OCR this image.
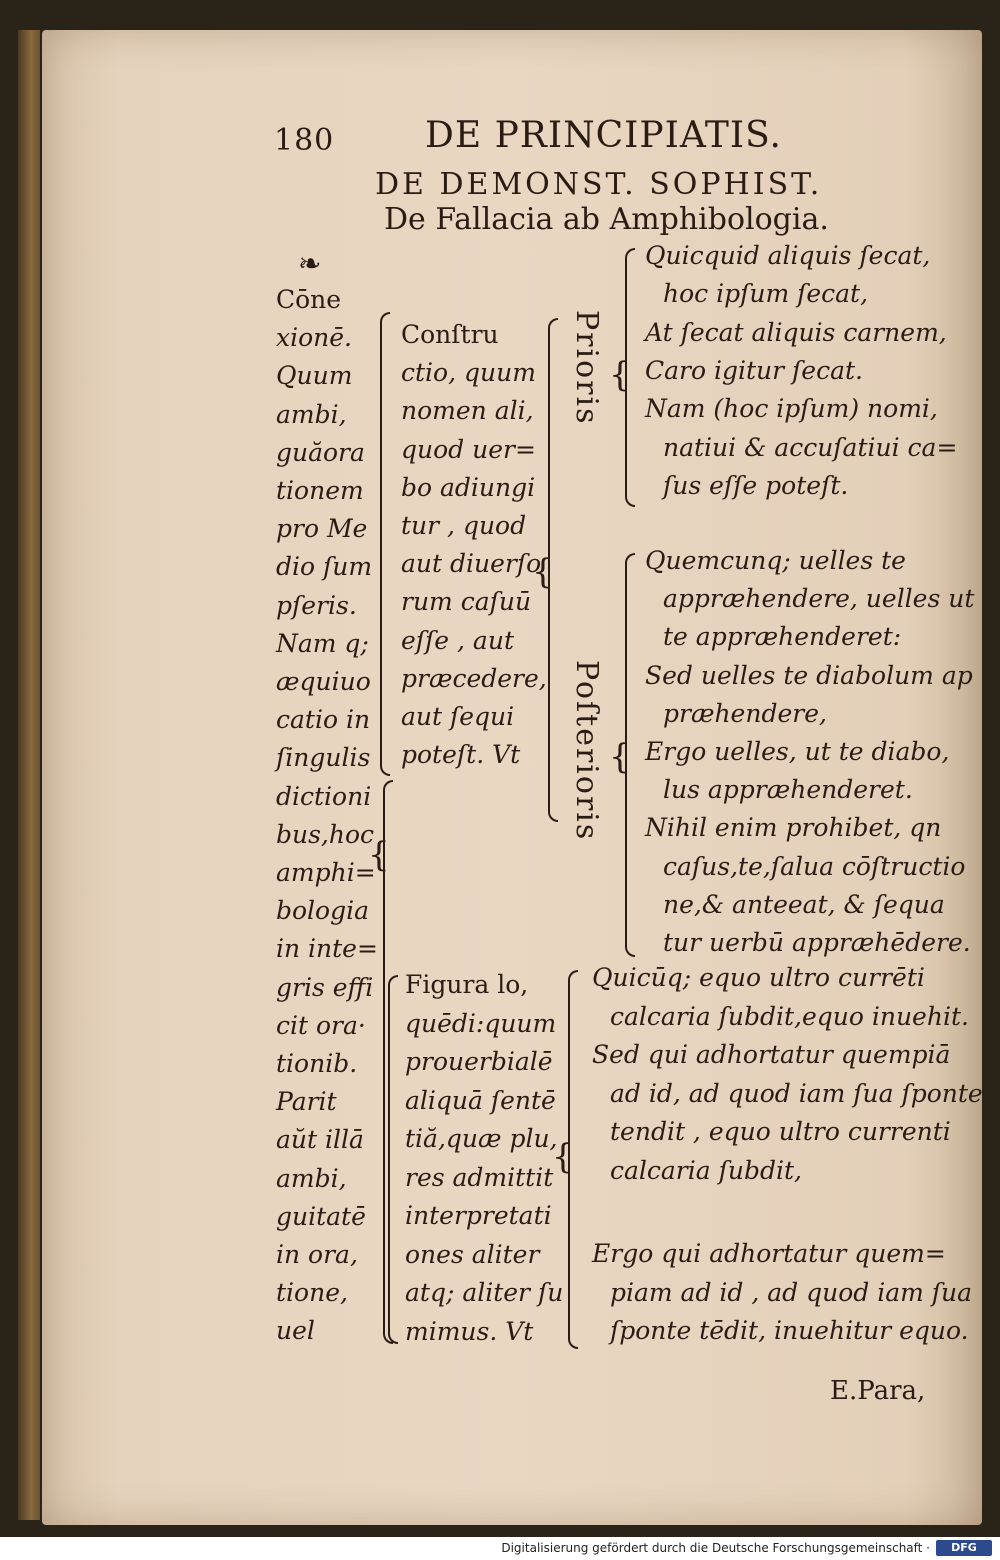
180	DE PRINCIPIATIS.
DE DEMONST. SOPHIST.
De Fallacia ab Amphibologia.
❧
Cōne
xionē.
Quum
ambi,
guăora
tionem
pro Me
dio ſum
pſeris.
Nam q;
æquiuo
catio in
ſingulis
dictioni
bus,hoc
amphi=
bologia
in inte=
gris effi
cit ora·
tionib.
Parit
aŭt illā
ambi,
guitatē
in ora,
tione,
uel
Conſtru
ctio, quum
nomen ali,
quod uer=
bo adiungi
tur , quod
aut diuerſo
rum caſuū
eſſe , aut
præcedere,
aut ſequi
poteſt. Vt
Figura lo,
quēdi:quum
prouerbialē
aliquā ſentē
tiă,quæ plu,
res admittit
interpretati
ones aliter
atq; aliter ſu
mimus. Vt
Prioris
Poſterioris
Quicquid aliquis ſecat,
hoc ipſum ſecat,
At ſecat aliquis carnem,
Caro igitur ſecat.
Nam (hoc ipſum) nomi,
natiui & accuſatiui ca=
ſus eſſe poteſt.
Quemcunq; uelles te
appræhendere, uelles ut
te appræhenderet:
Sed uelles te diabolum ap
præhendere,
Ergo uelles, ut te diabo,
lus appræhenderet.
Nihil enim prohibet, qn
caſus,te,ſalua cōſtructio
ne,& anteeat, & ſequa
tur uerbū appræhēdere.
Quicūq; equo ultro currēti
calcaria ſubdit,equo inuehit.
Sed qui adhortatur quempiā
ad id, ad quod iam ſua ſponte
tendit , equo ultro currenti
calcaria ſubdit,
Ergo qui adhortatur quem=
piam ad id , ad quod iam ſua
ſponte tēdit, inuehitur equo.
{
{
{
{
{
E.Para,
Digitalisierung gefördert durch die Deutsche Forschungsgemeinschaft ·	DFG
